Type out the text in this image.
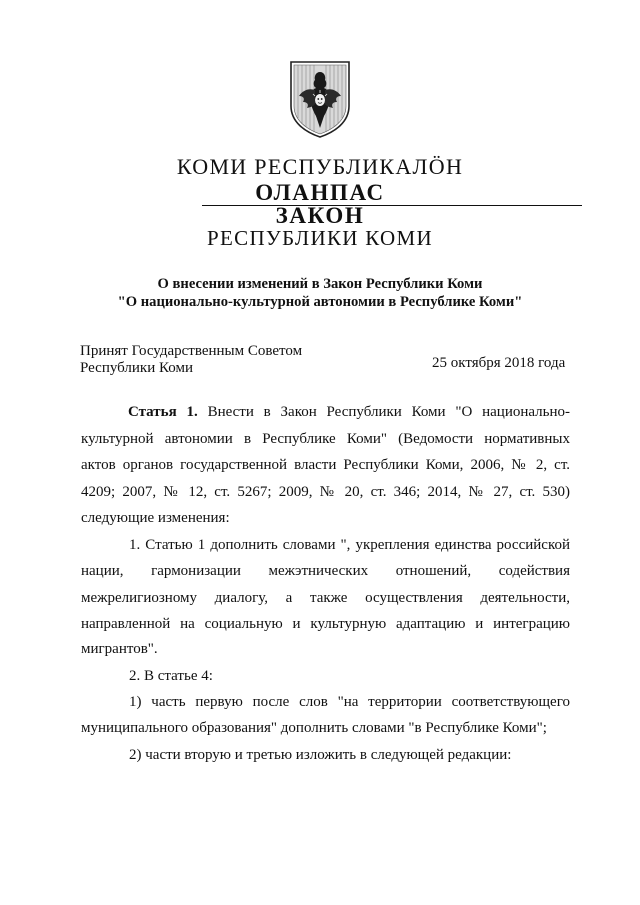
КОМИ РЕСПУБЛИКАЛÖН
ОЛАНПАС
ЗАКОН
РЕСПУБЛИКИ КОМИ
О внесении изменений в Закон Республики Коми
"О национально-культурной автономии в Республике Коми"
Принят Государственным Советом
Республики Коми	25 октября 2018 года
Статья 1. Внести в Закон Республики Коми "О национально-
культурной автономии в Республике Коми" (Ведомости нормативных
актов органов государственной власти Республики Коми, 2006, № 2, ст.
4209; 2007, № 12, ст. 5267; 2009, № 20, ст. 346; 2014, № 27, ст. 530)
следующие изменения:
1. Статью 1 дополнить словами ", укрепления единства российской
нации, гармонизации межэтнических отношений, содействия
межрелигиозному диалогу, а также осуществления деятельности,
направленной на социальную и культурную адаптацию и интеграцию
мигрантов".
2. В статье 4:
1) часть первую после слов "на территории соответствующего
муниципального образования" дополнить словами "в Республике Коми";
2) части вторую и третью изложить в следующей редакции:
